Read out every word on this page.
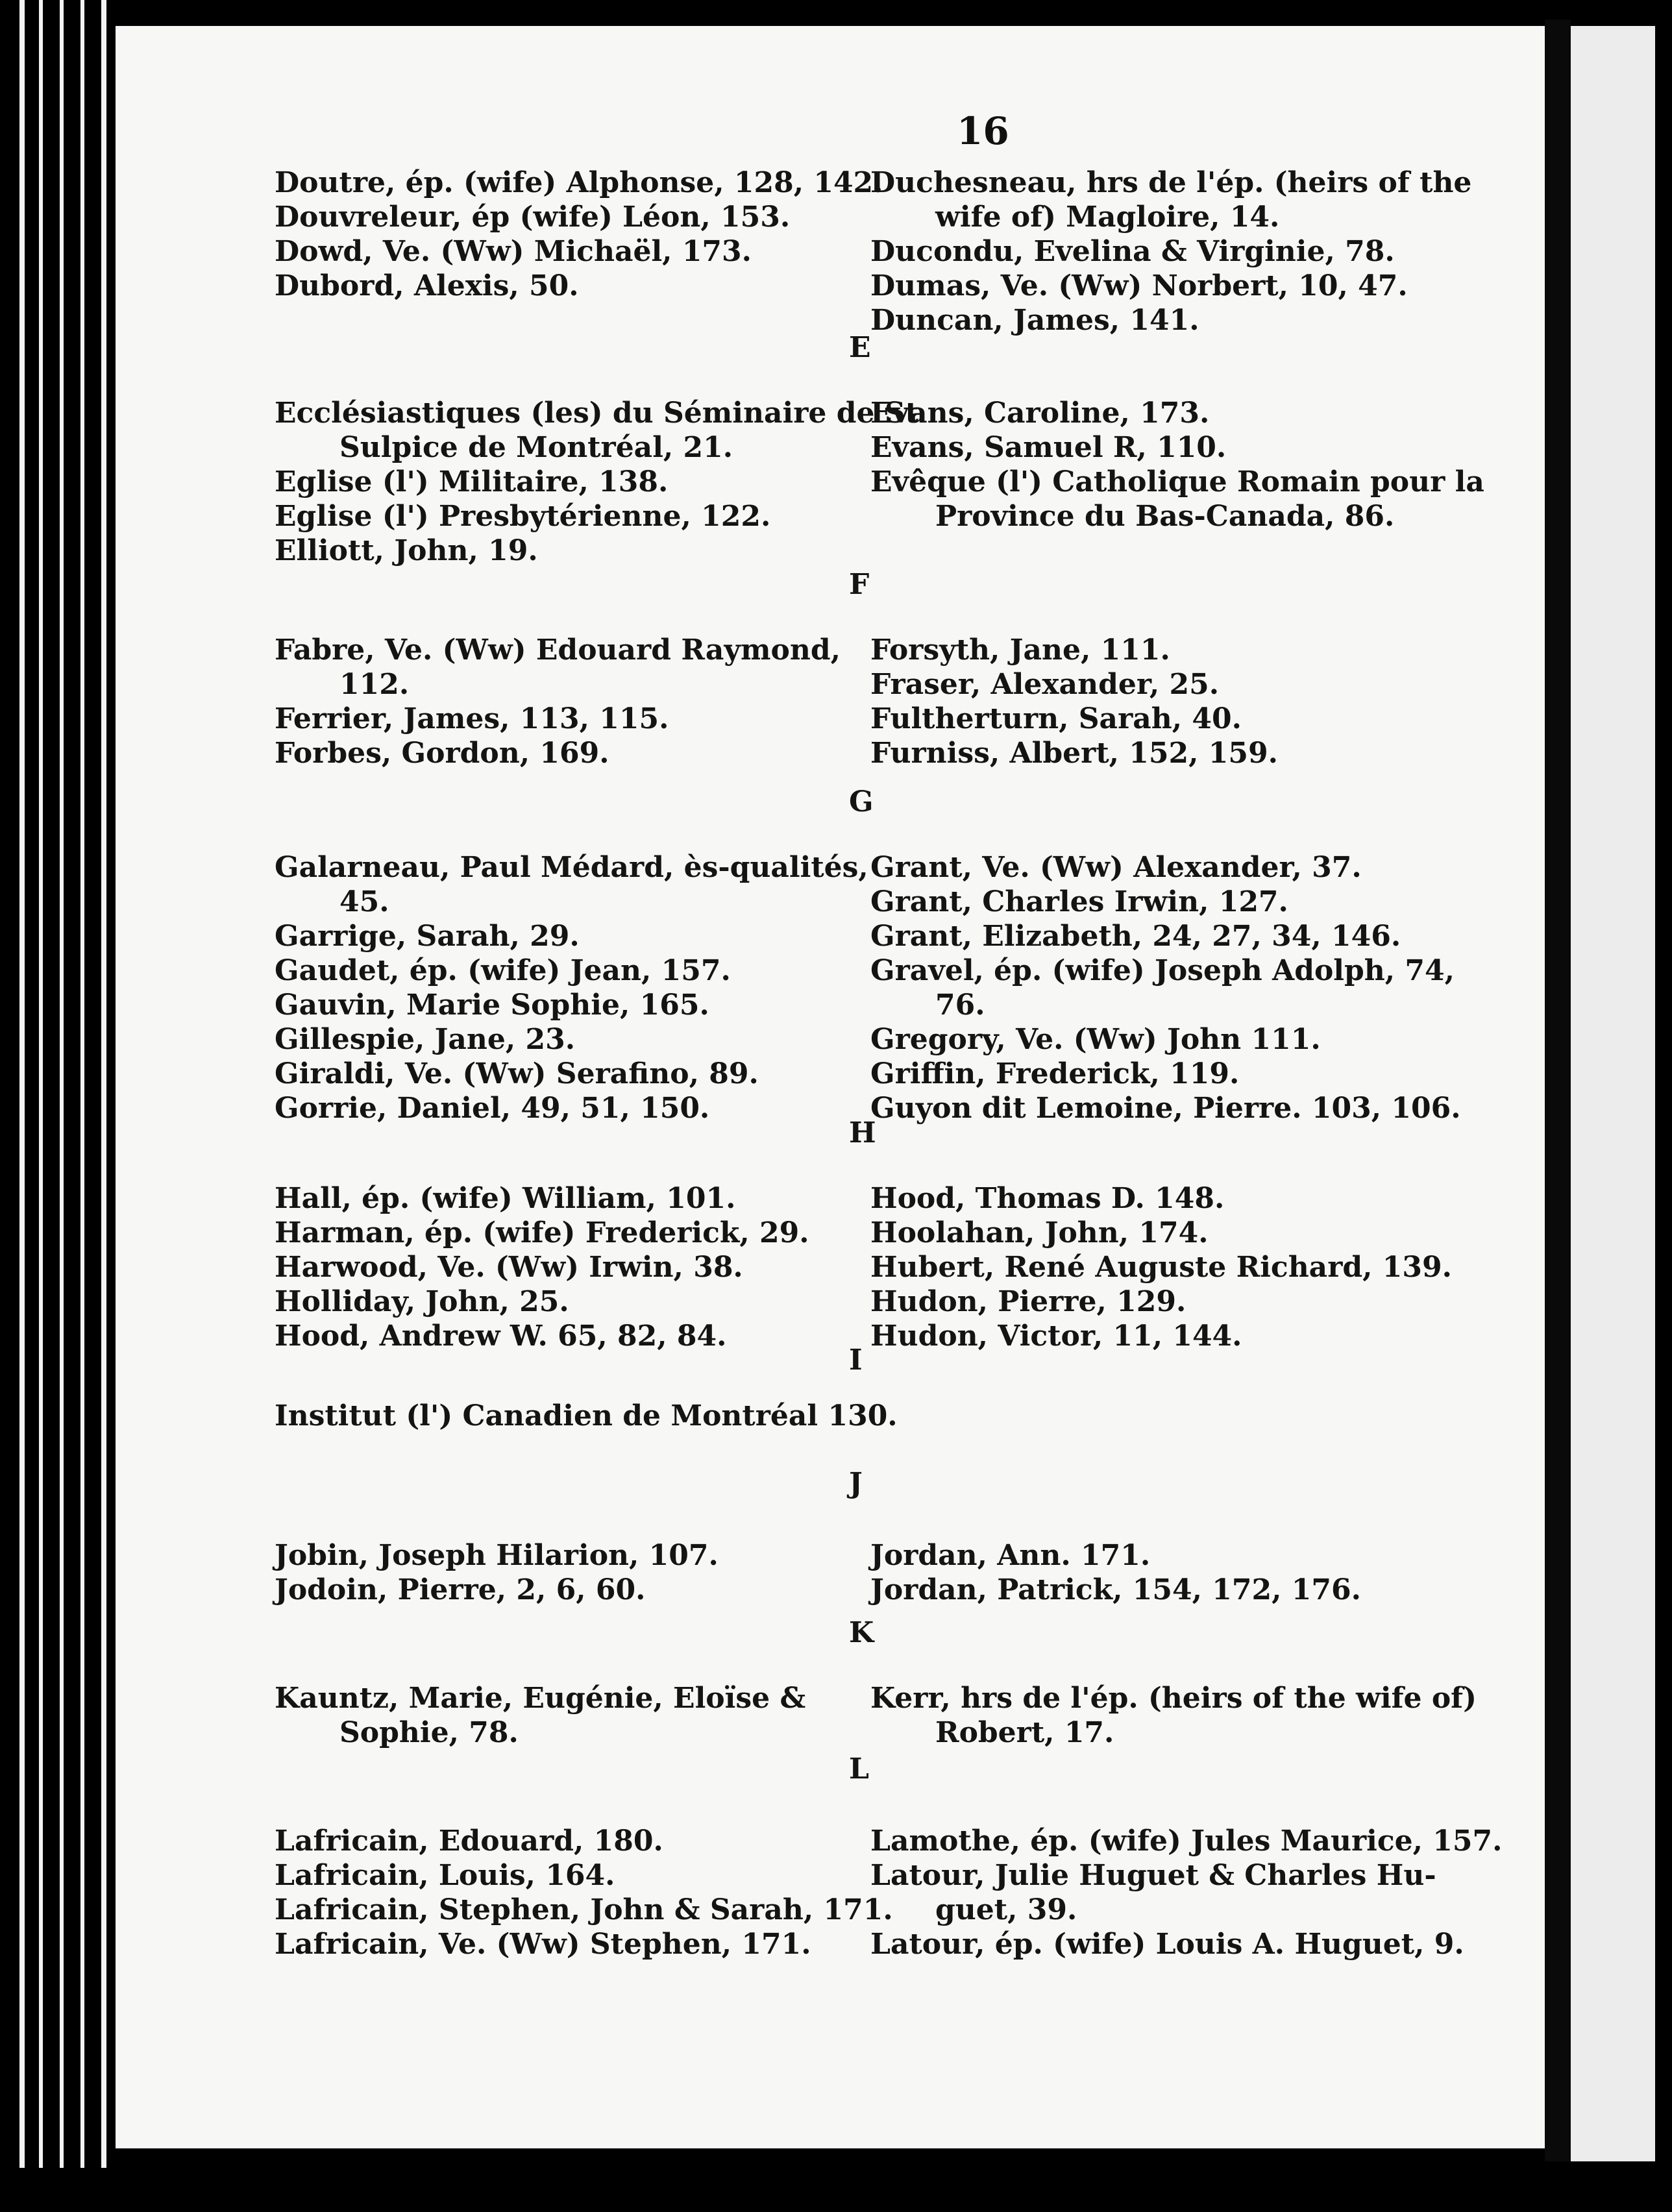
16
Doutre, ép. (wife) Alphonse, 128, 142.
Douvreleur, ép (wife) Léon, 153.
Dowd, Ve. (Ww) Michaël, 173.
Dubord, Alexis, 50.
Duchesneau, hrs de l'ép. (heirs of the
wife of) Magloire, 14.
Ducondu, Evelina & Virginie, 78.
Dumas, Ve. (Ww) Norbert, 10, 47.
Duncan, James, 141.
E
Ecclésiastiques (les) du Séminaire de St
Sulpice de Montréal, 21.
Eglise (l') Militaire, 138.
Eglise (l') Presbytérienne, 122.
Elliott, John, 19.
Evans, Caroline, 173.
Evans, Samuel R, 110.
Evêque (l') Catholique Romain pour la
Province du Bas-Canada, 86.
F
Fabre, Ve. (Ww) Edouard Raymond,
112.
Ferrier, James, 113, 115.
Forbes, Gordon, 169.
Forsyth, Jane, 111.
Fraser, Alexander, 25.
Fultherturn, Sarah, 40.
Furniss, Albert, 152, 159.
G
Galarneau, Paul Médard, ès-qualités,
45.
Garrige, Sarah, 29.
Gaudet, ép. (wife) Jean, 157.
Gauvin, Marie Sophie, 165.
Gillespie, Jane, 23.
Giraldi, Ve. (Ww) Serafino, 89.
Gorrie, Daniel, 49, 51, 150.
Grant, Ve. (Ww) Alexander, 37.
Grant, Charles Irwin, 127.
Grant, Elizabeth, 24, 27, 34, 146.
Gravel, ép. (wife) Joseph Adolph, 74,
76.
Gregory, Ve. (Ww) John 111.
Griffin, Frederick, 119.
Guyon dit Lemoine, Pierre. 103, 106.
H
Hall, ép. (wife) William, 101.
Harman, ép. (wife) Frederick, 29.
Harwood, Ve. (Ww) Irwin, 38.
Holliday, John, 25.
Hood, Andrew W. 65, 82, 84.
Hood, Thomas D. 148.
Hoolahan, John, 174.
Hubert, René Auguste Richard, 139.
Hudon, Pierre, 129.
Hudon, Victor, 11, 144.
I
Institut (l') Canadien de Montréal 130.
J
Jobin, Joseph Hilarion, 107.
Jodoin, Pierre, 2, 6, 60.
Jordan, Ann. 171.
Jordan, Patrick, 154, 172, 176.
K
Kauntz, Marie, Eugénie, Eloïse &
Sophie, 78.
Kerr, hrs de l'ép. (heirs of the wife of)
Robert, 17.
L
Lafricain, Edouard, 180.
Lafricain, Louis, 164.
Lafricain, Stephen, John & Sarah, 171.
Lafricain, Ve. (Ww) Stephen, 171.
Lamothe, ép. (wife) Jules Maurice, 157.
Latour, Julie Huguet & Charles Hu-
guet, 39.
Latour, ép. (wife) Louis A. Huguet, 9.
